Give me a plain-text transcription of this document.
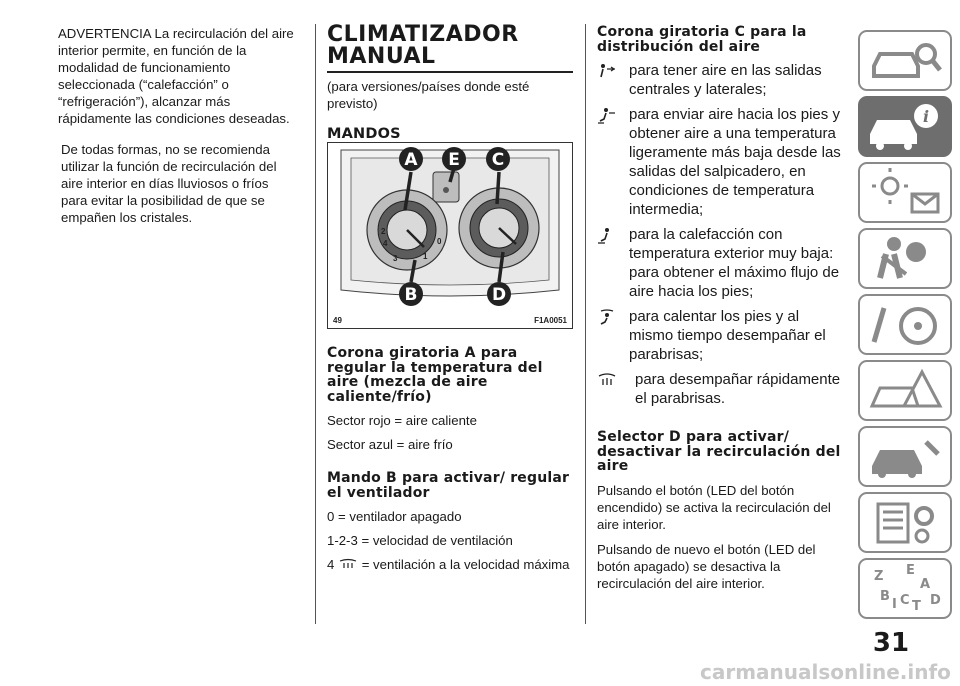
ADVERTENCIA La recirculación del aire interior permite, en función de la modalidad de funcionamiento seleccionada (“calefacción” o “refrigeración”), alcanzar más rápidamente las condiciones deseadas.

De todas formas, no se recomienda utilizar la función de recirculación del aire interior en días lluviosos o fríos para evitar la posibilidad de que se empañen los cristales.

CLIMATIZADOR
MANUAL

(para versiones/países donde esté previsto)

MANDOS
4
3
2
1
0
A E C
B	D
49	F1A0051
Corona giratoria A para regular la temperatura del aire (mezcla de aire caliente/frío)

Sector rojo = aire caliente

Sector azul = aire frío

Mando B para activar/ regular el ventilador

0 = ventilador apagado

1-2-3 = velocidad de ventilación

4 = ventilación a la velocidad máxima

Corona giratoria C para la distribución del aire
para tener aire en las salidas centrales y laterales;
para enviar aire hacia los pies y obtener aire a una temperatura ligeramente más baja desde las salidas del salpicadero, en condiciones de temperatura intermedia;
para la calefacción con temperatura exterior muy baja: para obtener el máximo flujo de aire hacia los pies;
para calentar los pies y al mismo tiempo desempañar el parabrisas;
para desempañar rápidamente el parabrisas.
Selector D para activar/ desactivar la recirculación del aire

Pulsando el botón (LED del botón encendido) se activa la recirculación del aire interior.

Pulsando de nuevo el botón (LED del botón apagado) se desactiva la recirculación del aire interior.

i
Z E
A
B
I C T D
31
carmanualsonline.info
